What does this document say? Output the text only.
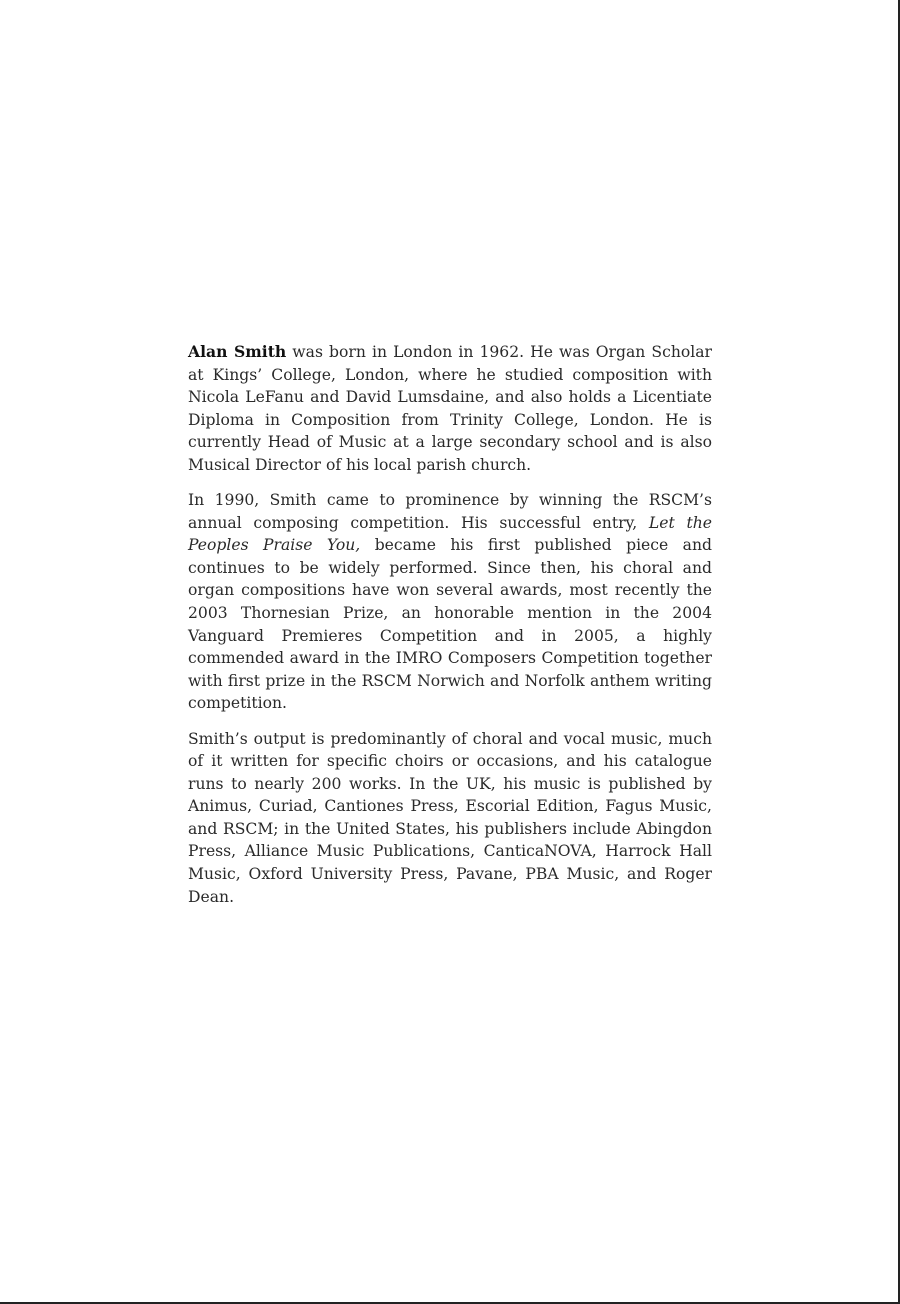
Alan Smith was born in London in 1962. He was Organ Scholar at Kings’ College, London, where he studied composition with Nicola LeFanu and David Lumsdaine, and also holds a Licentiate Diploma in Composition from Trinity College, London. He is currently Head of Music at a large secondary school and is also Musical Director of his local parish church.

In 1990, Smith came to prominence by winning the RSCM’s annual composing competition. His successful entry, Let the Peoples Praise You, became his first published piece and continues to be widely performed. Since then, his choral and organ compositions have won several awards, most recently the 2003 Thornesian Prize, an honorable mention in the 2004 Vanguard Premieres Competition and in 2005, a highly commended award in the IMRO Composers Competition together with first prize in the RSCM Norwich and Norfolk anthem writing competition.

Smith’s output is predominantly of choral and vocal music, much of it written for specific choirs or occasions, and his catalogue runs to nearly 200 works. In the UK, his music is published by Animus, Curiad, Cantiones Press, Escorial Edition, Fagus Music, and RSCM; in the United States, his publishers include Abingdon Press, Alliance Music Publications, CanticaNOVA, Harrock Hall Music, Oxford University Press, Pavane, PBA Music, and Roger Dean.
